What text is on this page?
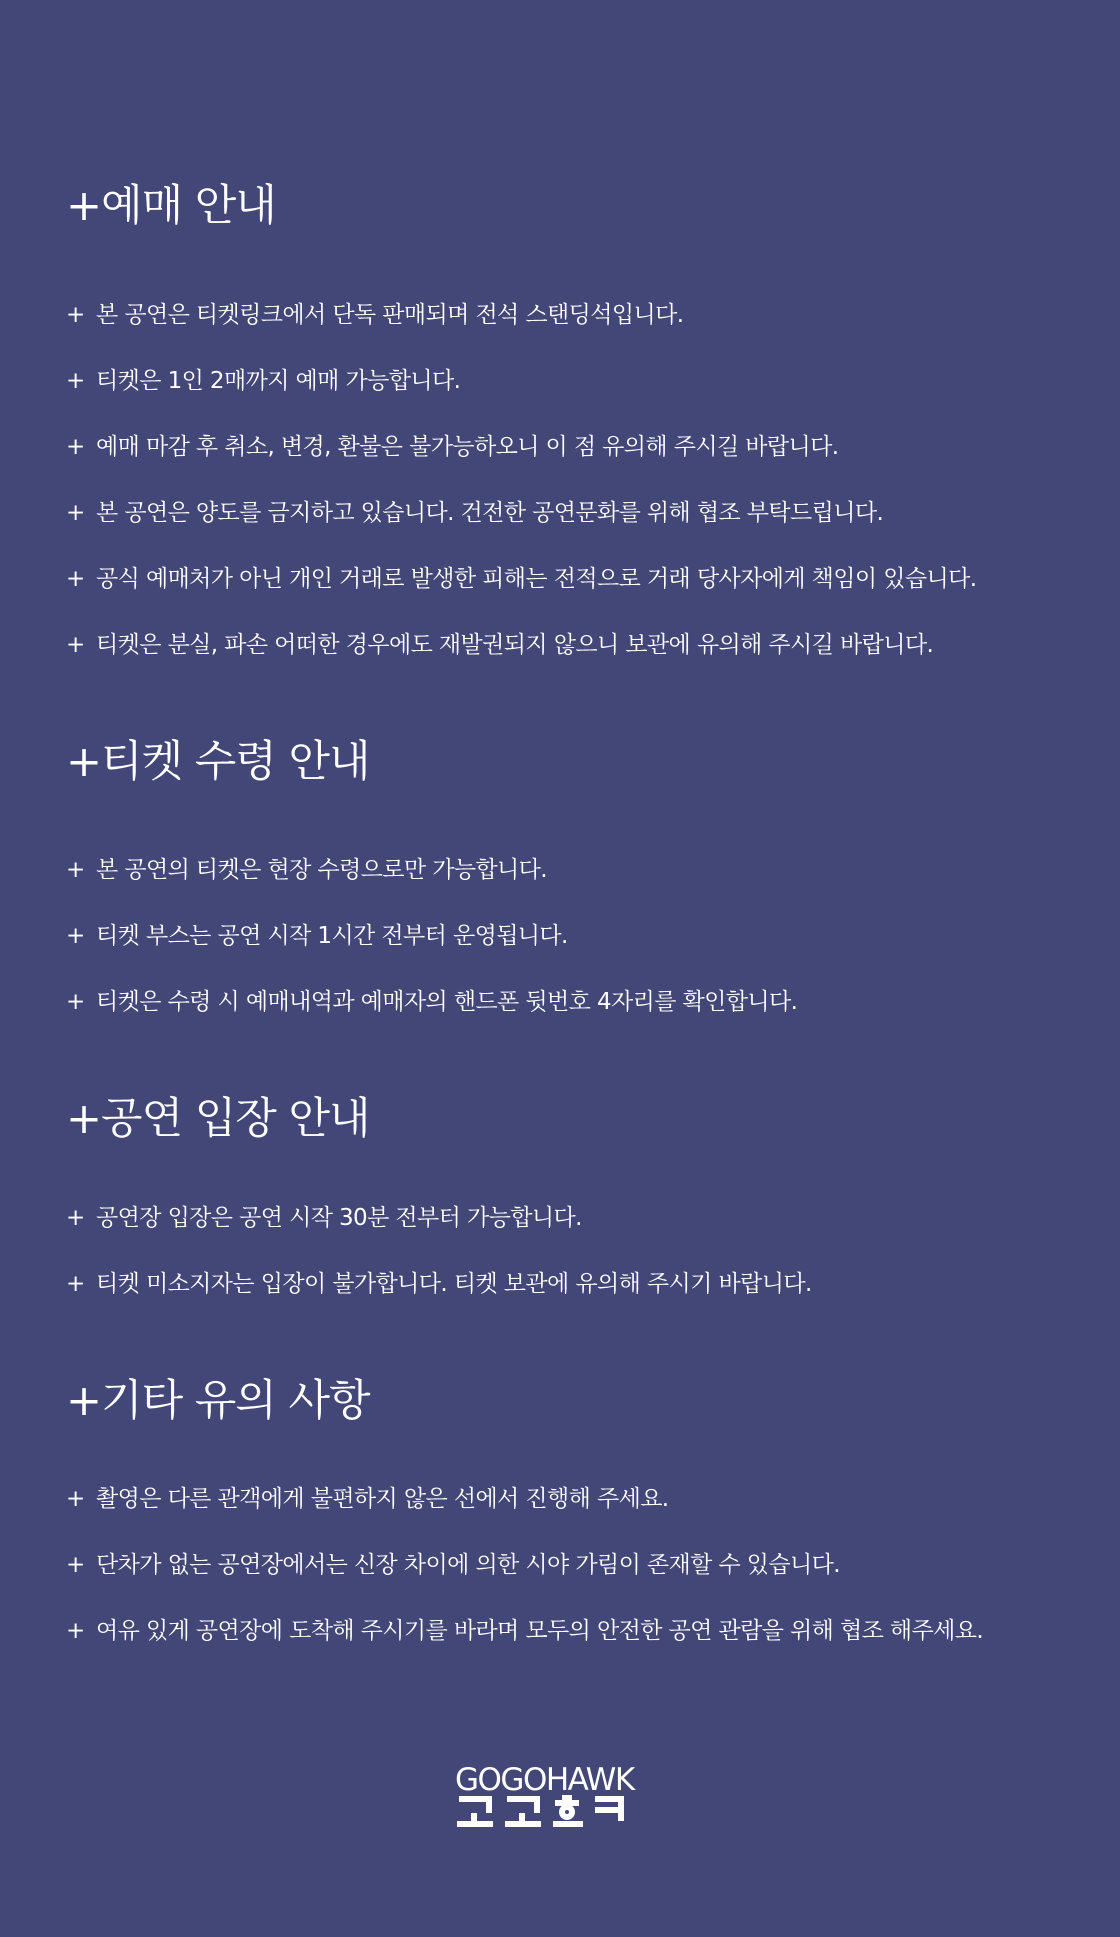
+예매 안내

+ 본 공연은 티켓링크에서 단독 판매되며 전석 스탠딩석입니다.

+ 티켓은 1인 2매까지 예매 가능합니다.

+ 예매 마감 후 취소, 변경, 환불은 불가능하오니 이 점 유의해 주시길 바랍니다.

+ 본 공연은 양도를 금지하고 있습니다. 건전한 공연문화를 위해 협조 부탁드립니다.

+ 공식 예매처가 아닌 개인 거래로 발생한 피해는 전적으로 거래 당사자에게 책임이 있습니다.

+ 티켓은 분실, 파손 어떠한 경우에도 재발권되지 않으니 보관에 유의해 주시길 바랍니다.

+티켓 수령 안내

+ 본 공연의 티켓은 현장 수령으로만 가능합니다.

+ 티켓 부스는 공연 시작 1시간 전부터 운영됩니다.

+ 티켓은 수령 시 예매내역과 예매자의 핸드폰 뒷번호 4자리를 확인합니다.

+공연 입장 안내

+ 공연장 입장은 공연 시작 30분 전부터 가능합니다.

+ 티켓 미소지자는 입장이 불가합니다. 티켓 보관에 유의해 주시기 바랍니다.

+기타 유의 사항

+ 촬영은 다른 관객에게 불편하지 않은 선에서 진행해 주세요.

+ 단차가 없는 공연장에서는 신장 차이에 의한 시야 가림이 존재할 수 있습니다.

+ 여유 있게 공연장에 도착해 주시기를 바라며 모두의 안전한 공연 관람을 위해 협조 해주세요.

GOGOHAWK
